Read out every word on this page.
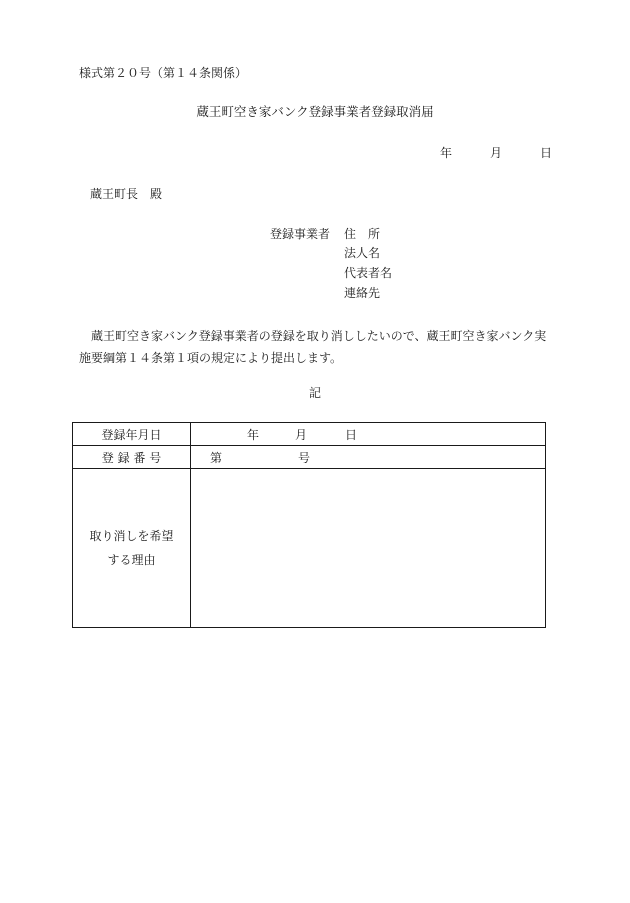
様式第２０号（第１４条関係）
蔵王町空き家バンク登録事業者登録取消届
年	月	日
蔵王町長　殿
登録事業者 住　所
法人名
代表者名
連絡先
蔵王町空き家バンク登録事業者の登録を取り消ししたいので、蔵王町空き家バンク実施要綱第１４条第１項の規定により提出します。
記
登録年月日	年 月 日

登 録 番 号	第 号

取り消しを希望
する理由	
